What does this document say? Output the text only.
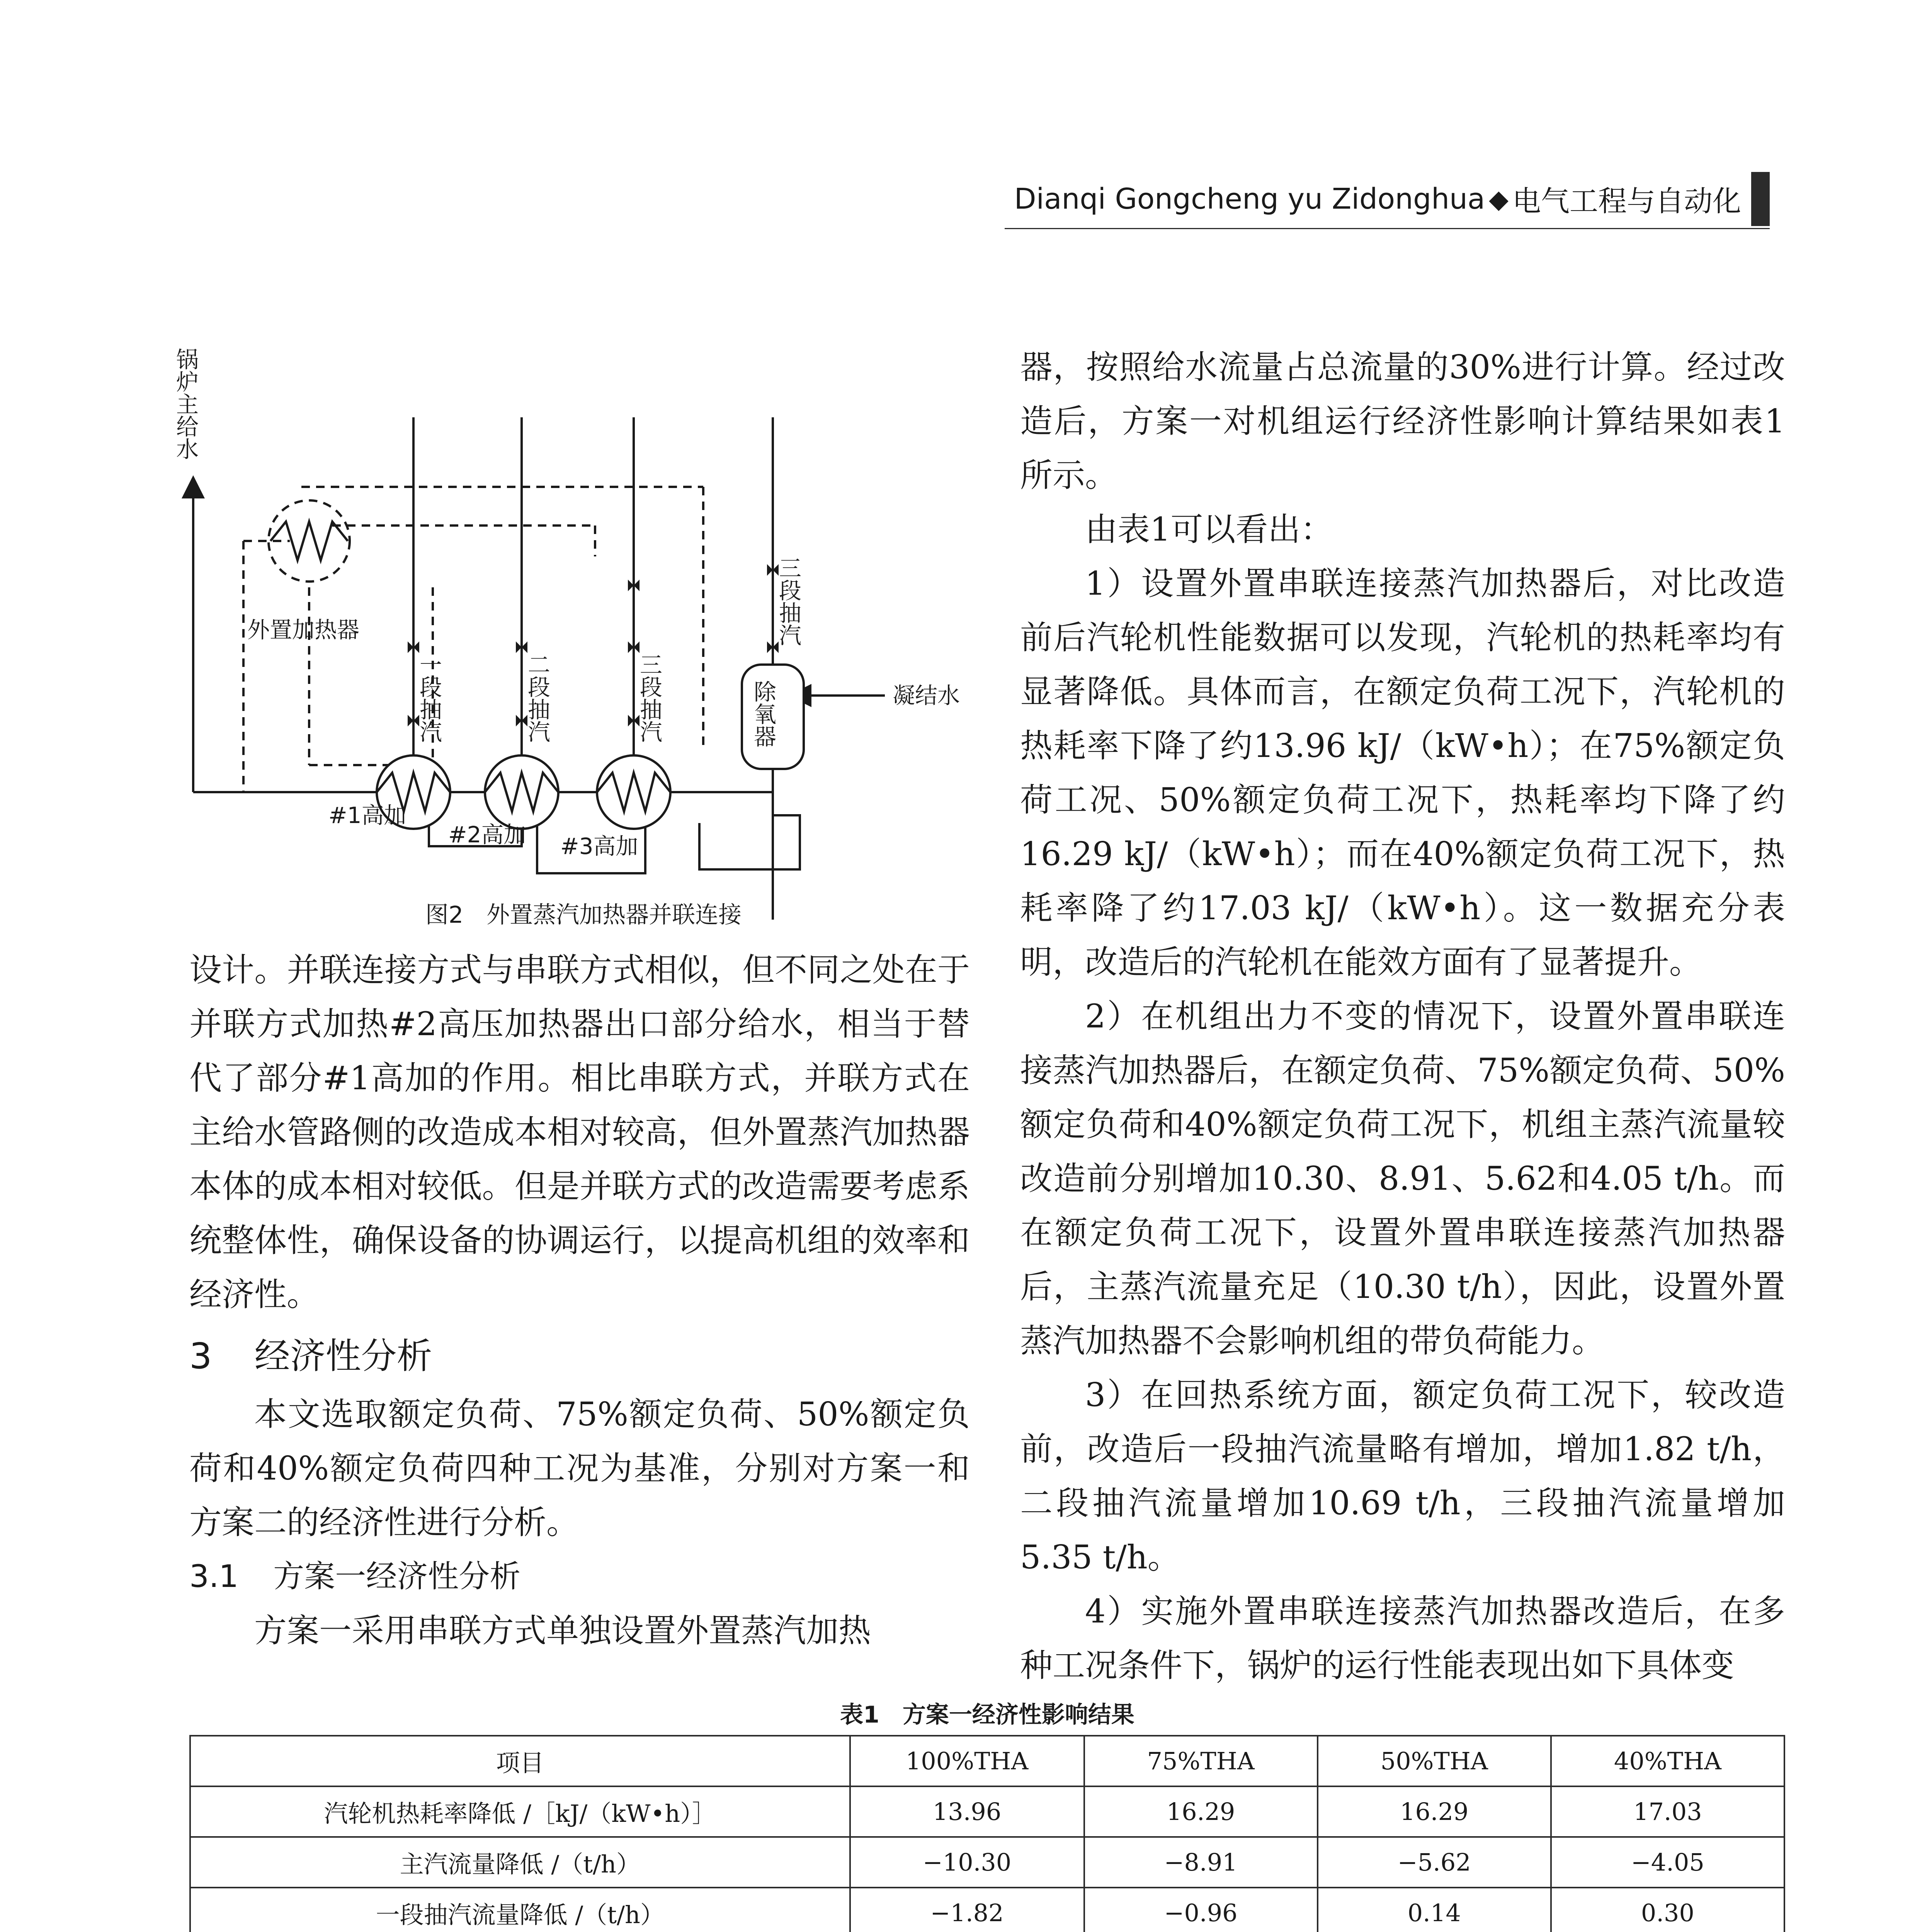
Dianqi Gongcheng yu Zidonghua ◆ 电气工程与自动化
锅炉主给水
外置加热器
一段抽汽	二段抽汽	三段抽汽
三段抽汽
除氧器	凝结水
#1高加
#2高加 #3高加
图2　外置蒸汽加热器并联连接

设计。并联连接方式与串联方式相似，但不同之处在于并联方式加热#2高压加热器出口部分给水，相当于替代了部分#1高加的作用。相比串联方式，并联方式在主给水管路侧的改造成本相对较高，但外置蒸汽加热器本体的成本相对较低。但是并联方式的改造需要考虑系统整体性，确保设备的协调运行，以提高机组的效率和经济性。

3 经济性分析

本文选取额定负荷、75%额定负荷、50%额定负荷和40%额定负荷四种工况为基准，分别对方案一和方案二的经济性进行分析。

3.1 方案一经济性分析

方案一采用串联方式单独设置外置蒸汽加热

器，按照给水流量占总流量的30%进行计算。经过改造后，方案一对机组运行经济性影响计算结果如表1所示。

由表1可以看出：

1）设置外置串联连接蒸汽加热器后，对比改造前后汽轮机性能数据可以发现，汽轮机的热耗率均有显著降低。具体而言，在额定负荷工况下，汽轮机的热耗率下降了约13.96 kJ/（kW•h）；在75%额定负荷工况、50%额定负荷工况下，热耗率均下降了约16.29 kJ/（kW•h）；而在40%额定负荷工况下，热耗率降了约17.03 kJ/（kW•h）。这一数据充分表明，改造后的汽轮机在能效方面有了显著提升。

2）在机组出力不变的情况下，设置外置串联连接蒸汽加热器后，在额定负荷、75%额定负荷、50%额定负荷和40%额定负荷工况下，机组主蒸汽流量较改造前分别增加10.30、8.91、5.62和4.05 t/h。而在额定负荷工况下，设置外置串联连接蒸汽加热器后，主蒸汽流量充足（10.30 t/h），因此，设置外置蒸汽加热器不会影响机组的带负荷能力。

3）在回热系统方面，额定负荷工况下，较改造前，改造后一段抽汽流量略有增加，增加1.82 t/h，二段抽汽流量增加10.69 t/h，三段抽汽流量增加5.35 t/h。

4）实施外置串联连接蒸汽加热器改造后，在多种工况条件下，锅炉的运行性能表现出如下具体变

表1　方案一经济性影响结果
项目	100%THA	75%THA	50%THA	40%THA
汽轮机热耗率降低 /［kJ/（kW•h）］	13.96	16.29	16.29	17.03
主汽流量降低 /（t/h）	−10.30	−8.91	−5.62	−4.05
一段抽汽流量降低 /（t/h）	−1.82	−0.96	0.14	0.30
